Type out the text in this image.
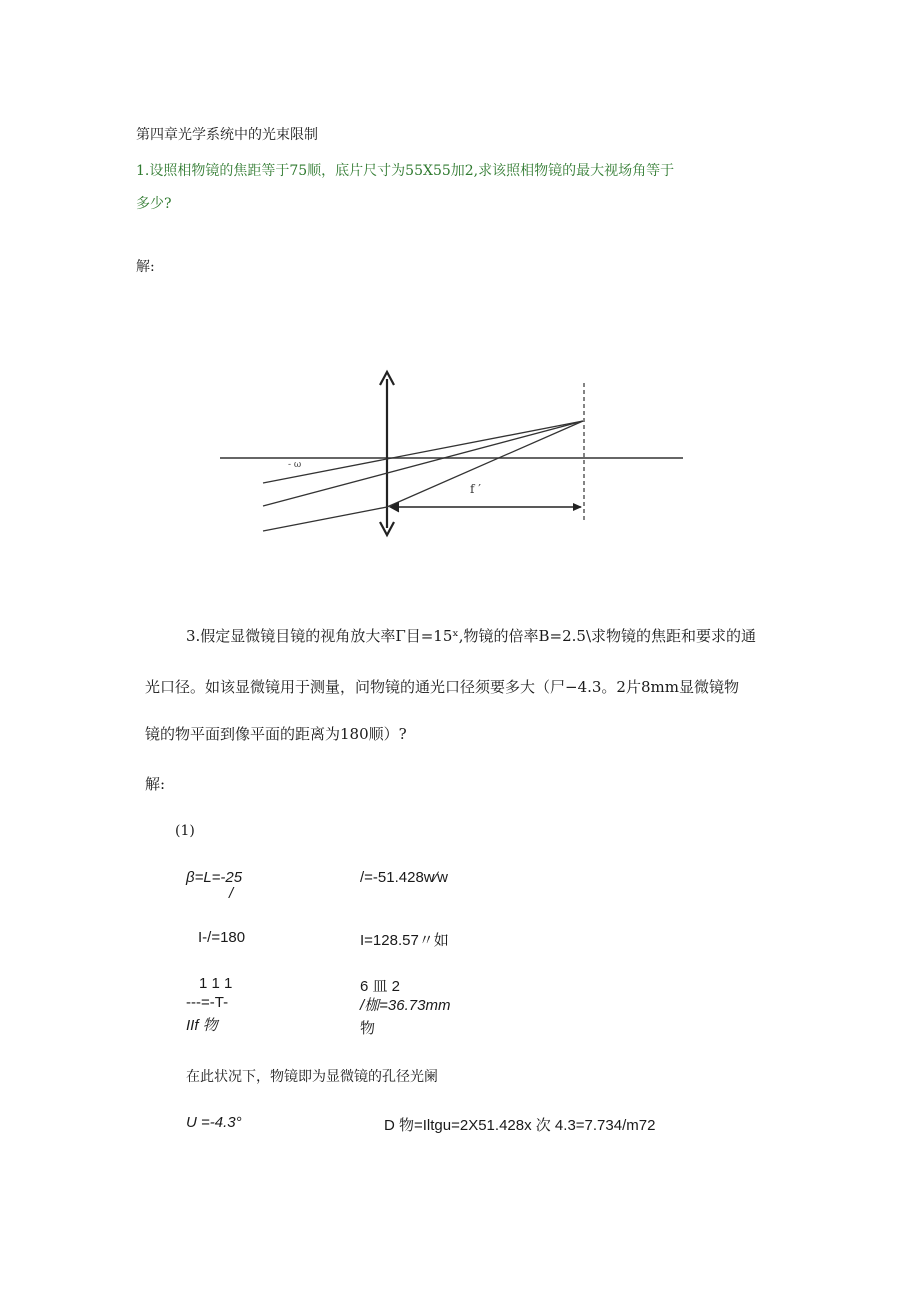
第四章光学系统中的光束限制
1.设照相物镜的焦距等于75顺，底片尺寸为55X55加2,求该照相物镜的最大视场角等于
多少?
解:
- ω
f ′
3.假定显微镜目镜的视角放大率Γ目=15ˣ,物镜的倍率B=2.5\求物镜的焦距和要求的通
光口径。如该显微镜用于测量，问物镜的通光口径须要多大（尸−4.3。2片8mm显微镜物
镜的物平面到像平面的距离为180顺）?
解:
(1)
β=L=-25
/
/=-51.428w∕w
I-/=180	I=128.57〃如
1 1 1
---=-T-
IIf 物
6 皿 2
/枷=36.73mm
物
在此状况下，物镜即为显微镜的孔径光阑
U =-4.3°	D 物=Iltgu=2X51.428x 次 4.3=7.734/m72
